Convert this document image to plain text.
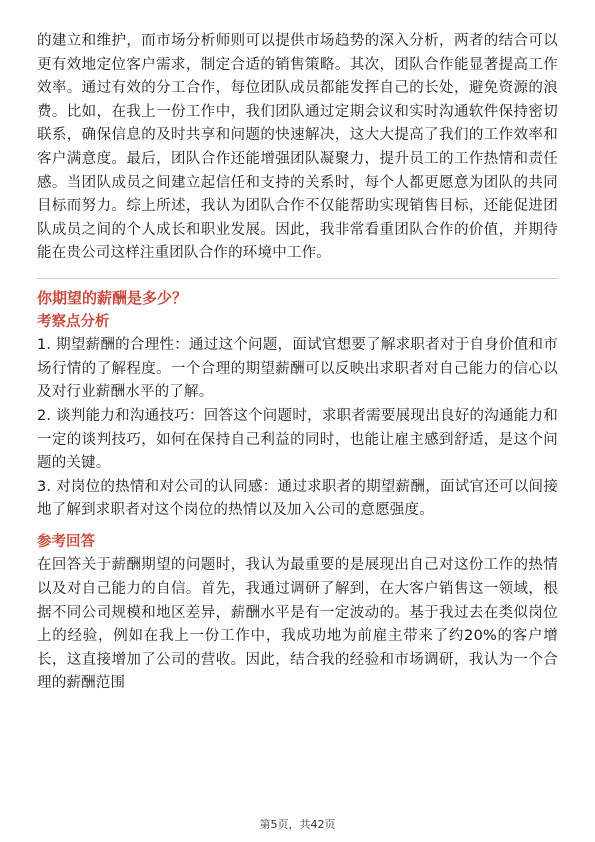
的建立和维护，而市场分析师则可以提供市场趋势的深入分析，两者的结合可以更有效地定位客户需求，制定合适的销售策略。其次，团队合作能显著提高工作效率。通过有效的分工合作，每位团队成员都能发挥自己的长处，避免资源的浪费。比如，在我上一份工作中，我们团队通过定期会议和实时沟通软件保持密切联系，确保信息的及时共享和问题的快速解决，这大大提高了我们的工作效率和客户满意度。最后，团队合作还能增强团队凝聚力，提升员工的工作热情和责任感。当团队成员之间建立起信任和支持的关系时，每个人都更愿意为团队的共同目标而努力。综上所述，我认为团队合作不仅能帮助实现销售目标，还能促进团队成员之间的个人成长和职业发展。因此，我非常看重团队合作的价值，并期待能在贵公司这样注重团队合作的环境中工作。

你期望的薪酬是多少？

考察点分析

1. 期望薪酬的合理性：通过这个问题，面试官想要了解求职者对于自身价值和市场行情的了解程度。一个合理的期望薪酬可以反映出求职者对自己能力的信心以及对行业薪酬水平的了解。

2. 谈判能力和沟通技巧：回答这个问题时，求职者需要展现出良好的沟通能力和一定的谈判技巧，如何在保持自己利益的同时，也能让雇主感到舒适，是这个问题的关键。

3. 对岗位的热情和对公司的认同感：通过求职者的期望薪酬，面试官还可以间接地了解到求职者对这个岗位的热情以及加入公司的意愿强度。

参考回答

在回答关于薪酬期望的问题时，我认为最重要的是展现出自己对这份工作的热情以及对自己能力的自信。首先，我通过调研了解到，在大客户销售这一领域，根据不同公司规模和地区差异，薪酬水平是有一定波动的。基于我过去在类似岗位上的经验，例如在我上一份工作中，我成功地为前雇主带来了约20%的客户增长，这直接增加了公司的营收。因此，结合我的经验和市场调研，我认为一个合理的薪酬范围

第5页，共42页
